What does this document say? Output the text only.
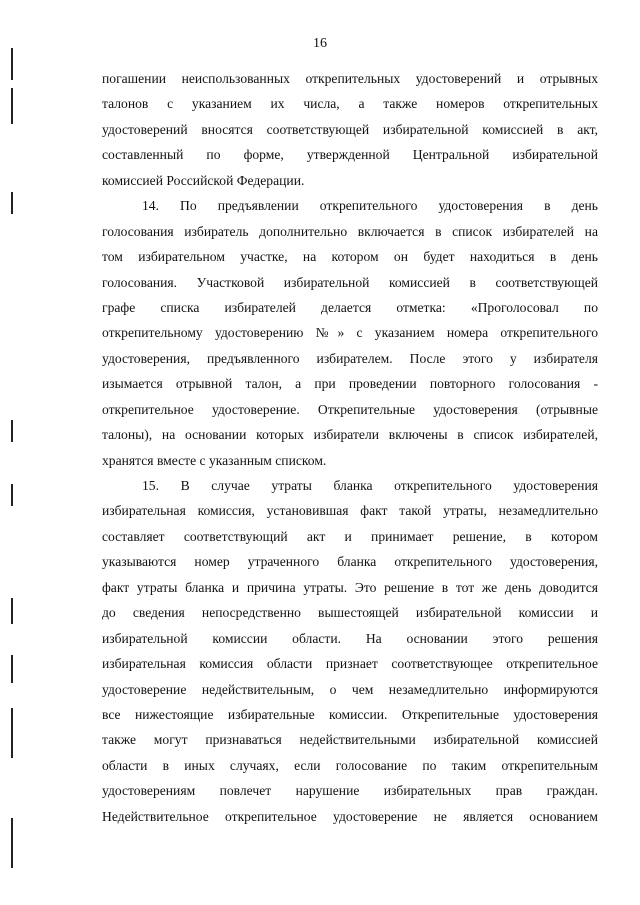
16
погашении неиспользованных открепительных удостоверений и отрывных
талонов с указанием их числа, а также номеров открепительных
удостоверений вносятся соответствующей избирательной комиссией в акт,
составленный по форме, утвержденной Центральной избирательной
комиссией Российской Федерации.
14. По предъявлении открепительного удостоверения в день
голосования избиратель дополнительно включается в список избирателей на
том избирательном участке, на котором он будет находиться в день
голосования. Участковой избирательной комиссией в соответствующей
графе списка избирателей делается отметка: «Проголосовал по
открепительному удостоверению №» с указанием номера открепительного
удостоверения, предъявленного избирателем. После этого у избирателя
изымается отрывной талон, а при проведении повторного голосования -
открепительное удостоверение. Открепительные удостоверения (отрывные
талоны), на основании которых избиратели включены в список избирателей,
хранятся вместе с указанным списком.
15. В случае утраты бланка открепительного удостоверения
избирательная комиссия, установившая факт такой утраты, незамедлительно
составляет соответствующий акт и принимает решение, в котором
указываются номер утраченного бланка открепительного удостоверения,
факт утраты бланка и причина утраты. Это решение в тот же день доводится
до сведения непосредственно вышестоящей избирательной комиссии и
избирательной комиссии области. На основании этого решения
избирательная комиссия области признает соответствующее открепительное
удостоверение недействительным, о чем незамедлительно информируются
все нижестоящие избирательные комиссии. Открепительные удостоверения
также могут признаваться недействительными избирательной комиссией
области в иных случаях, если голосование по таким открепительным
удостоверениям повлечет нарушение избирательных прав граждан.
Недействительное открепительное удостоверение не является основанием
